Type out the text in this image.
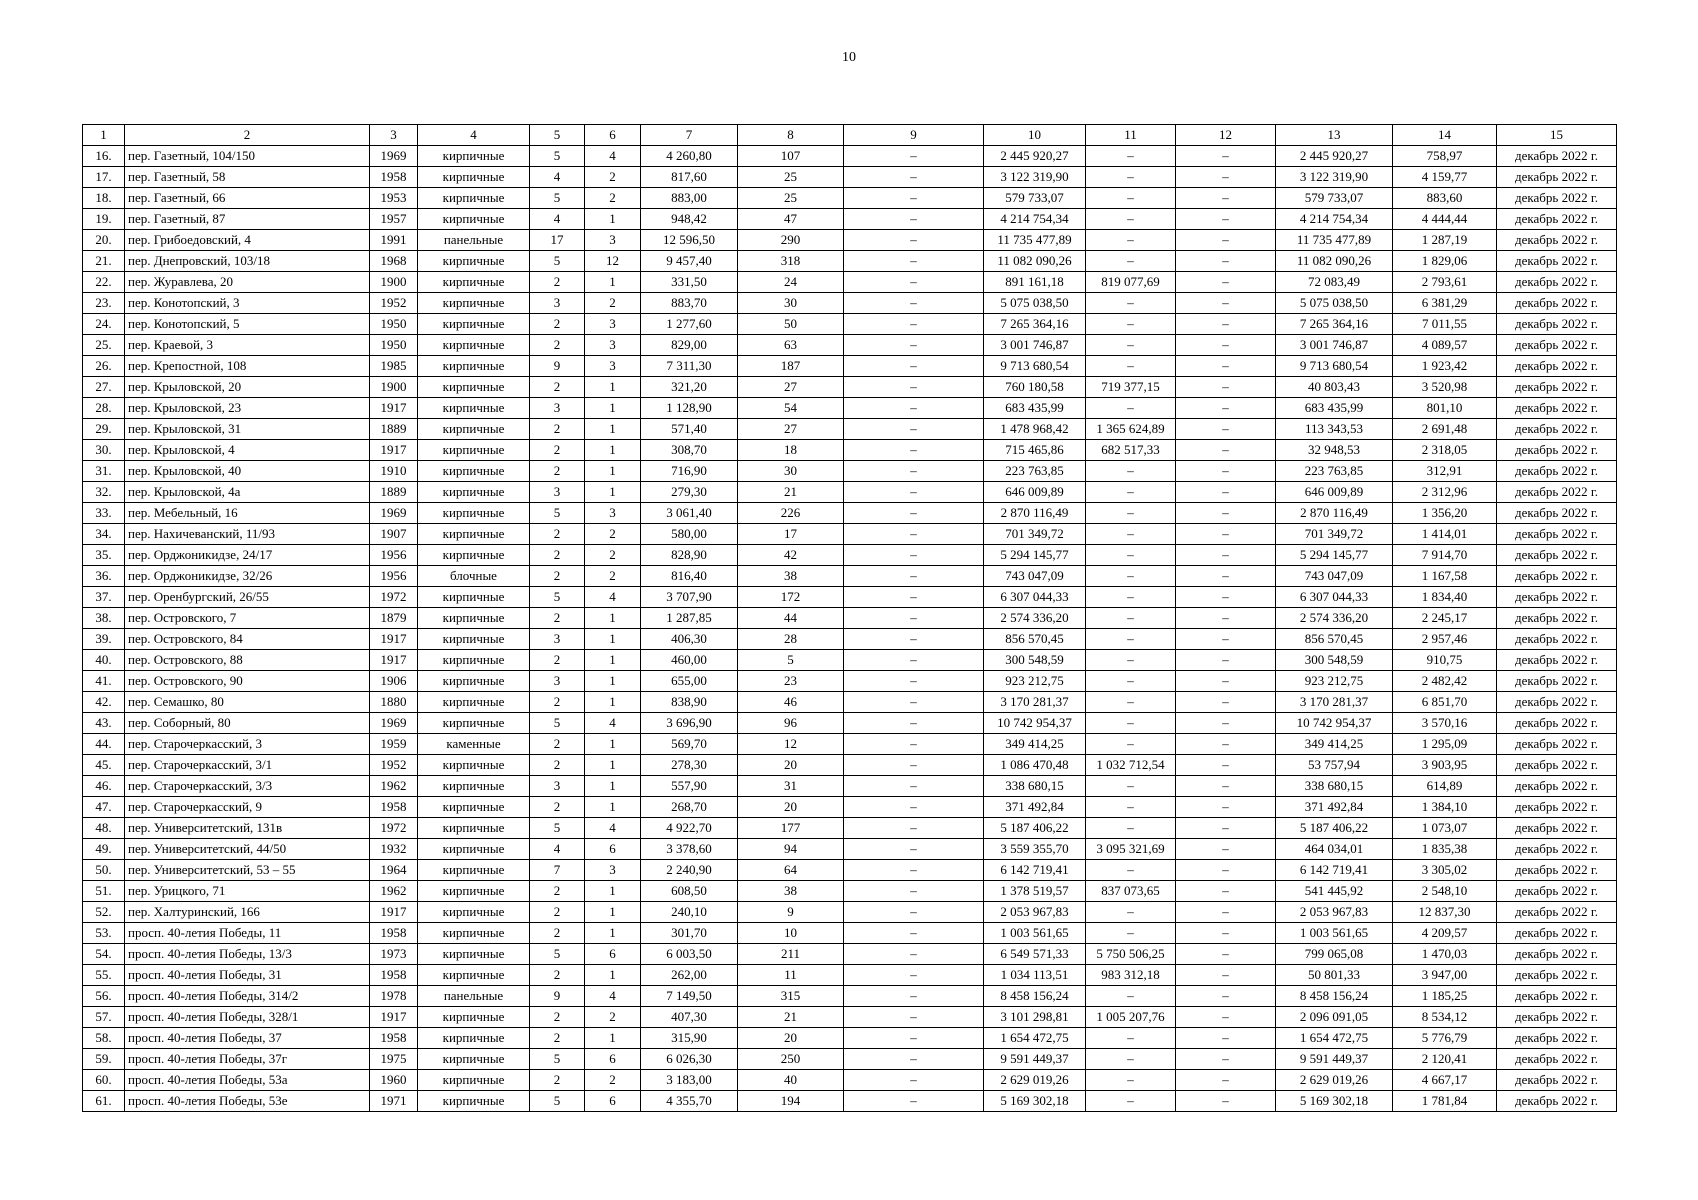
10
1	2	3	4	5	6	7	8	9	10	11	12	13	14	15
16.	пер. Газетный, 104/150	1969	кирпичные	5	4	4 260,80	107	–	2 445 920,27	–	–	2 445 920,27	758,97	декабрь 2022 г.
17.	пер. Газетный, 58	1958	кирпичные	4	2	817,60	25	–	3 122 319,90	–	–	3 122 319,90	4 159,77	декабрь 2022 г.
18.	пер. Газетный, 66	1953	кирпичные	5	2	883,00	25	–	579 733,07	–	–	579 733,07	883,60	декабрь 2022 г.
19.	пер. Газетный, 87	1957	кирпичные	4	1	948,42	47	–	4 214 754,34	–	–	4 214 754,34	4 444,44	декабрь 2022 г.
20.	пер. Грибоедовский, 4	1991	панельные	17	3	12 596,50	290	–	11 735 477,89	–	–	11 735 477,89	1 287,19	декабрь 2022 г.
21.	пер. Днепровский, 103/18	1968	кирпичные	5	12	9 457,40	318	–	11 082 090,26	–	–	11 082 090,26	1 829,06	декабрь 2022 г.
22.	пер. Журавлева, 20	1900	кирпичные	2	1	331,50	24	–	891 161,18	819 077,69	–	72 083,49	2 793,61	декабрь 2022 г.
23.	пер. Конотопский, 3	1952	кирпичные	3	2	883,70	30	–	5 075 038,50	–	–	5 075 038,50	6 381,29	декабрь 2022 г.
24.	пер. Конотопский, 5	1950	кирпичные	2	3	1 277,60	50	–	7 265 364,16	–	–	7 265 364,16	7 011,55	декабрь 2022 г.
25.	пер. Краевой, 3	1950	кирпичные	2	3	829,00	63	–	3 001 746,87	–	–	3 001 746,87	4 089,57	декабрь 2022 г.
26.	пер. Крепостной, 108	1985	кирпичные	9	3	7 311,30	187	–	9 713 680,54	–	–	9 713 680,54	1 923,42	декабрь 2022 г.
27.	пер. Крыловской, 20	1900	кирпичные	2	1	321,20	27	–	760 180,58	719 377,15	–	40 803,43	3 520,98	декабрь 2022 г.
28.	пер. Крыловской, 23	1917	кирпичные	3	1	1 128,90	54	–	683 435,99	–	–	683 435,99	801,10	декабрь 2022 г.
29.	пер. Крыловской, 31	1889	кирпичные	2	1	571,40	27	–	1 478 968,42	1 365 624,89	–	113 343,53	2 691,48	декабрь 2022 г.
30.	пер. Крыловской, 4	1917	кирпичные	2	1	308,70	18	–	715 465,86	682 517,33	–	32 948,53	2 318,05	декабрь 2022 г.
31.	пер. Крыловской, 40	1910	кирпичные	2	1	716,90	30	–	223 763,85	–	–	223 763,85	312,91	декабрь 2022 г.
32.	пер. Крыловской, 4а	1889	кирпичные	3	1	279,30	21	–	646 009,89	–	–	646 009,89	2 312,96	декабрь 2022 г.
33.	пер. Мебельный, 16	1969	кирпичные	5	3	3 061,40	226	–	2 870 116,49	–	–	2 870 116,49	1 356,20	декабрь 2022 г.
34.	пер. Нахичеванский, 11/93	1907	кирпичные	2	2	580,00	17	–	701 349,72	–	–	701 349,72	1 414,01	декабрь 2022 г.
35.	пер. Орджоникидзе, 24/17	1956	кирпичные	2	2	828,90	42	–	5 294 145,77	–	–	5 294 145,77	7 914,70	декабрь 2022 г.
36.	пер. Орджоникидзе, 32/26	1956	блочные	2	2	816,40	38	–	743 047,09	–	–	743 047,09	1 167,58	декабрь 2022 г.
37.	пер. Оренбургский, 26/55	1972	кирпичные	5	4	3 707,90	172	–	6 307 044,33	–	–	6 307 044,33	1 834,40	декабрь 2022 г.
38.	пер. Островского, 7	1879	кирпичные	2	1	1 287,85	44	–	2 574 336,20	–	–	2 574 336,20	2 245,17	декабрь 2022 г.
39.	пер. Островского, 84	1917	кирпичные	3	1	406,30	28	–	856 570,45	–	–	856 570,45	2 957,46	декабрь 2022 г.
40.	пер. Островского, 88	1917	кирпичные	2	1	460,00	5	–	300 548,59	–	–	300 548,59	910,75	декабрь 2022 г.
41.	пер. Островского, 90	1906	кирпичные	3	1	655,00	23	–	923 212,75	–	–	923 212,75	2 482,42	декабрь 2022 г.
42.	пер. Семашко, 80	1880	кирпичные	2	1	838,90	46	–	3 170 281,37	–	–	3 170 281,37	6 851,70	декабрь 2022 г.
43.	пер. Соборный, 80	1969	кирпичные	5	4	3 696,90	96	–	10 742 954,37	–	–	10 742 954,37	3 570,16	декабрь 2022 г.
44.	пер. Старочеркасский, 3	1959	каменные	2	1	569,70	12	–	349 414,25	–	–	349 414,25	1 295,09	декабрь 2022 г.
45.	пер. Старочеркасский, 3/1	1952	кирпичные	2	1	278,30	20	–	1 086 470,48	1 032 712,54	–	53 757,94	3 903,95	декабрь 2022 г.
46.	пер. Старочеркасский, 3/3	1962	кирпичные	3	1	557,90	31	–	338 680,15	–	–	338 680,15	614,89	декабрь 2022 г.
47.	пер. Старочеркасский, 9	1958	кирпичные	2	1	268,70	20	–	371 492,84	–	–	371 492,84	1 384,10	декабрь 2022 г.
48.	пер. Университетский, 131в	1972	кирпичные	5	4	4 922,70	177	–	5 187 406,22	–	–	5 187 406,22	1 073,07	декабрь 2022 г.
49.	пер. Университетский, 44/50	1932	кирпичные	4	6	3 378,60	94	–	3 559 355,70	3 095 321,69	–	464 034,01	1 835,38	декабрь 2022 г.
50.	пер. Университетский, 53 – 55	1964	кирпичные	7	3	2 240,90	64	–	6 142 719,41	–	–	6 142 719,41	3 305,02	декабрь 2022 г.
51.	пер. Урицкого, 71	1962	кирпичные	2	1	608,50	38	–	1 378 519,57	837 073,65	–	541 445,92	2 548,10	декабрь 2022 г.
52.	пер. Халтуринский, 166	1917	кирпичные	2	1	240,10	9	–	2 053 967,83	–	–	2 053 967,83	12 837,30	декабрь 2022 г.
53.	просп. 40-летия Победы, 11	1958	кирпичные	2	1	301,70	10	–	1 003 561,65	–	–	1 003 561,65	4 209,57	декабрь 2022 г.
54.	просп. 40-летия Победы, 13/3	1973	кирпичные	5	6	6 003,50	211	–	6 549 571,33	5 750 506,25	–	799 065,08	1 470,03	декабрь 2022 г.
55.	просп. 40-летия Победы, 31	1958	кирпичные	2	1	262,00	11	–	1 034 113,51	983 312,18	–	50 801,33	3 947,00	декабрь 2022 г.
56.	просп. 40-летия Победы, 314/2	1978	панельные	9	4	7 149,50	315	–	8 458 156,24	–	–	8 458 156,24	1 185,25	декабрь 2022 г.
57.	просп. 40-летия Победы, 328/1	1917	кирпичные	2	2	407,30	21	–	3 101 298,81	1 005 207,76	–	2 096 091,05	8 534,12	декабрь 2022 г.
58.	просп. 40-летия Победы, 37	1958	кирпичные	2	1	315,90	20	–	1 654 472,75	–	–	1 654 472,75	5 776,79	декабрь 2022 г.
59.	просп. 40-летия Победы, 37г	1975	кирпичные	5	6	6 026,30	250	–	9 591 449,37	–	–	9 591 449,37	2 120,41	декабрь 2022 г.
60.	просп. 40-летия Победы, 53а	1960	кирпичные	2	2	3 183,00	40	–	2 629 019,26	–	–	2 629 019,26	4 667,17	декабрь 2022 г.
61.	просп. 40-летия Победы, 53е	1971	кирпичные	5	6	4 355,70	194	–	5 169 302,18	–	–	5 169 302,18	1 781,84	декабрь 2022 г.
